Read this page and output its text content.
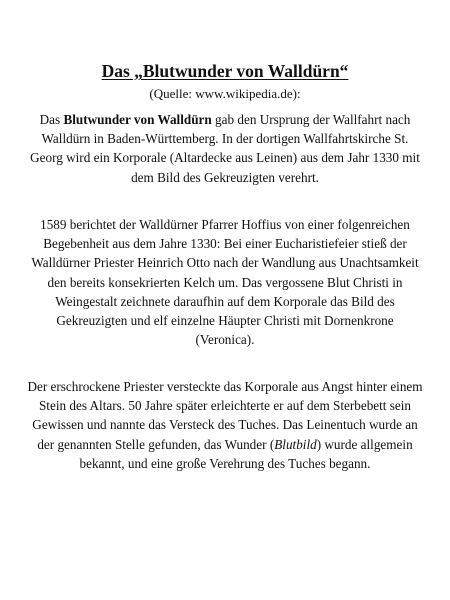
Das „Blutwunder von Walldürn“
(Quelle: www.wikipedia.de):

Das Blutwunder von Walldürn gab den Ursprung der Wallfahrt nach Walldürn in Baden-Württemberg. In der dortigen Wallfahrtskirche St. Georg wird ein Korporale (Altardecke aus Leinen) aus dem Jahr 1330 mit dem Bild des Gekreuzigten verehrt.

1589 berichtet der Walldürner Pfarrer Hoffius von einer folgenreichen Begebenheit aus dem Jahre 1330: Bei einer Eucharistiefeier stieß der Walldürner Priester Heinrich Otto nach der Wandlung aus Unachtsamkeit den bereits konsekrierten Kelch um. Das vergossene Blut Christi in Weingestalt zeichnete daraufhin auf dem Korporale das Bild des Gekreuzigten und elf einzelne Häupter Christi mit Dornenkrone (Veronica).

Der erschrockene Priester versteckte das Korporale aus Angst hinter einem Stein des Altars. 50 Jahre später erleichterte er auf dem Sterbebett sein Gewissen und nannte das Versteck des Tuches. Das Leinentuch wurde an der genannten Stelle gefunden, das Wunder (Blutbild) wurde allgemein bekannt, und eine große Verehrung des Tuches begann.
